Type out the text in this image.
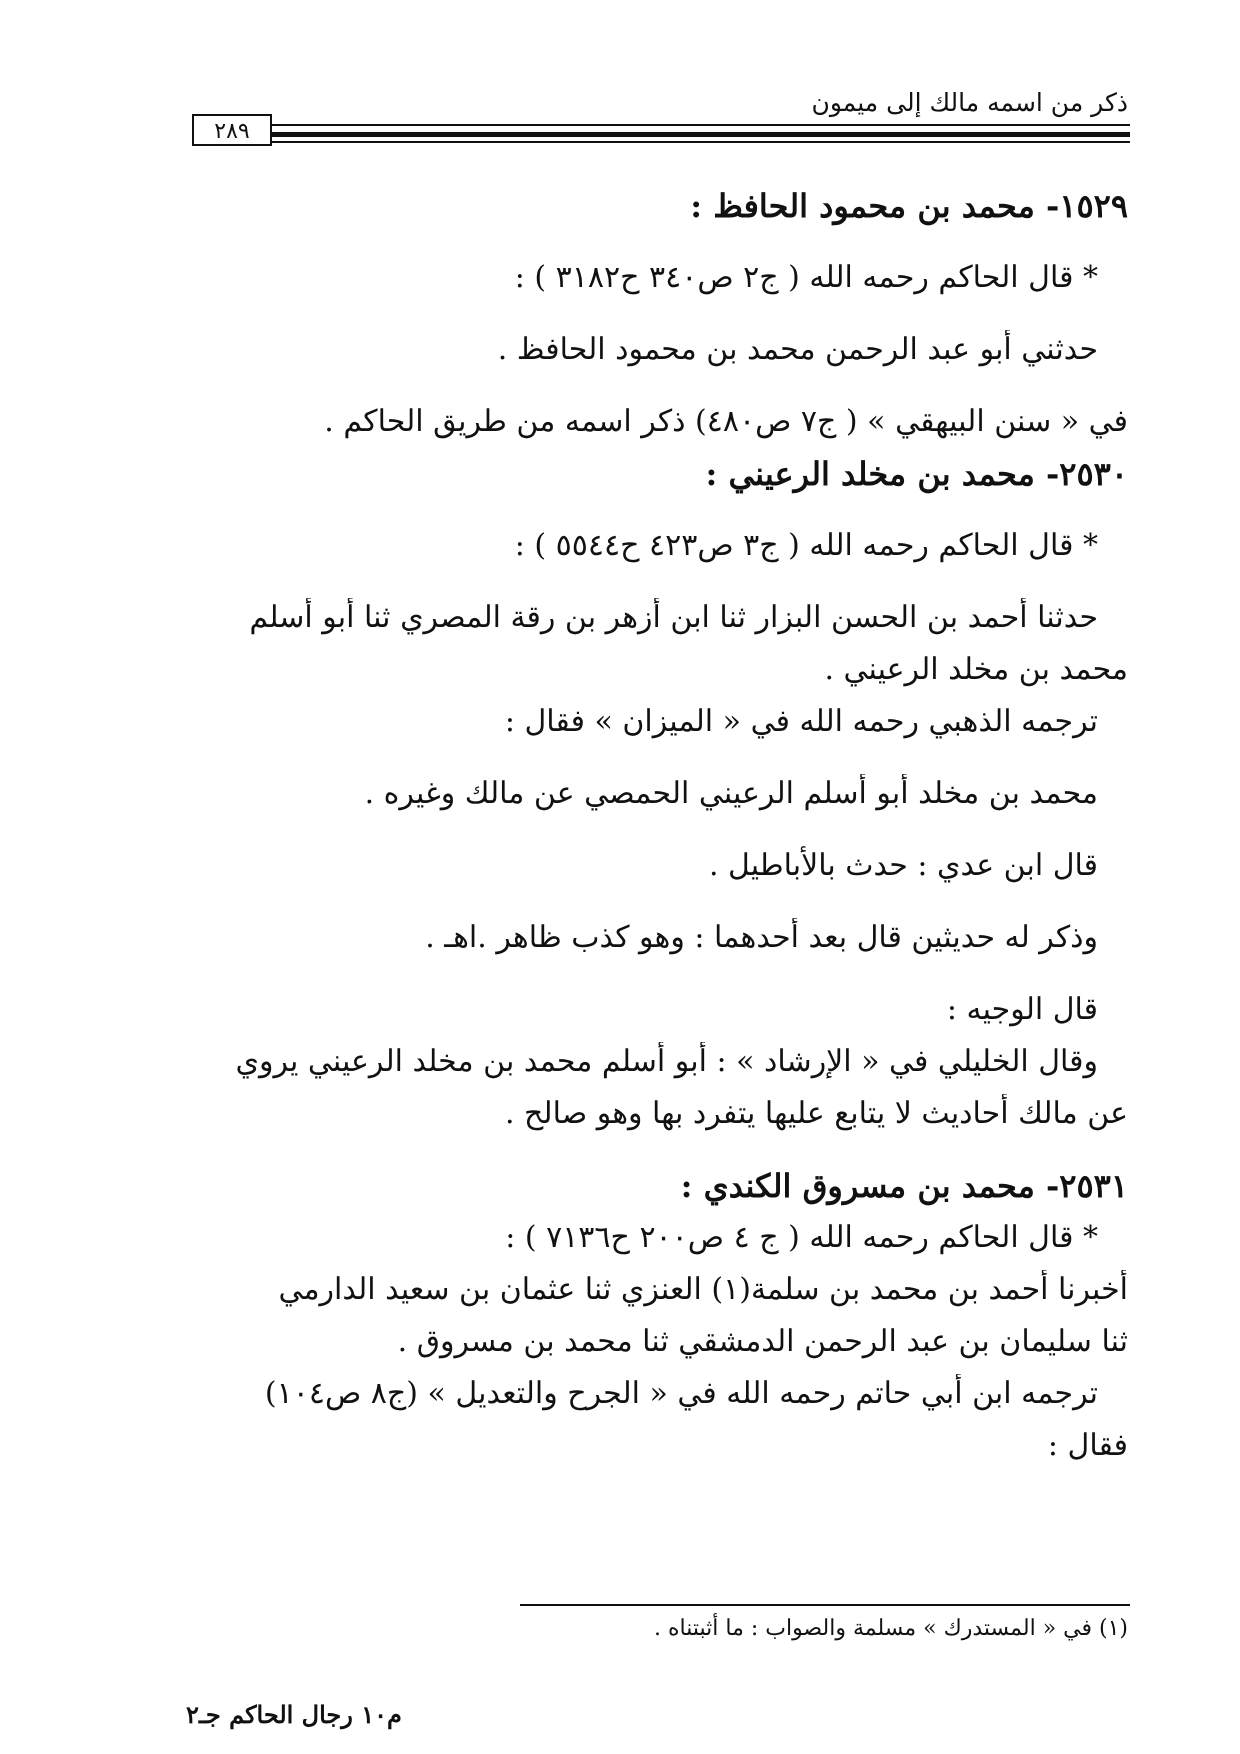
ذكر من اسمه مالك إلى ميمون
٢٨٩
١٥٢٩- محمد بن محمود الحافظ :
* قال الحاكم رحمه الله ( ج٢ ص٣٤٠ ح٣١٨٢ ) :
حدثني أبو عبد الرحمن محمد بن محمود الحافظ .
في « سنن البيهقي » ( ج٧ ص٤٨٠) ذكر اسمه من طريق الحاكم .
٢٥٣٠- محمد بن مخلد الرعيني :
* قال الحاكم رحمه الله ( ج٣ ص٤٢٣ ح٥٥٤٤ ) :
حدثنا أحمد بن الحسن البزار ثنا ابن أزهر بن رقة المصري ثنا أبو أسلم
محمد بن مخلد الرعيني .
ترجمه الذهبي رحمه الله في « الميزان » فقال :
محمد بن مخلد أبو أسلم الرعيني الحمصي عن مالك وغيره .
قال ابن عدي : حدث بالأباطيل .
وذكر له حديثين قال بعد أحدهما : وهو كذب ظاهر .اهـ .
قال الوجيه :
وقال الخليلي في « الإرشاد » : أبو أسلم محمد بن مخلد الرعيني يروي
عن مالك أحاديث لا يتابع عليها يتفرد بها وهو صالح .
٢٥٣١- محمد بن مسروق الكندي :
* قال الحاكم رحمه الله ( ج ٤ ص٢٠٠ ح٧١٣٦ ) :
أخبرنا أحمد بن محمد بن سلمة(١) العنزي ثنا عثمان بن سعيد الدارمي
ثنا سليمان بن عبد الرحمن الدمشقي ثنا محمد بن مسروق .
ترجمه ابن أبي حاتم رحمه الله في « الجرح والتعديل » (ج٨ ص١٠٤)
فقال :
(١) في « المستدرك » مسلمة والصواب : ما أثبتناه .
م١٠ رجال الحاكم جـ٢
